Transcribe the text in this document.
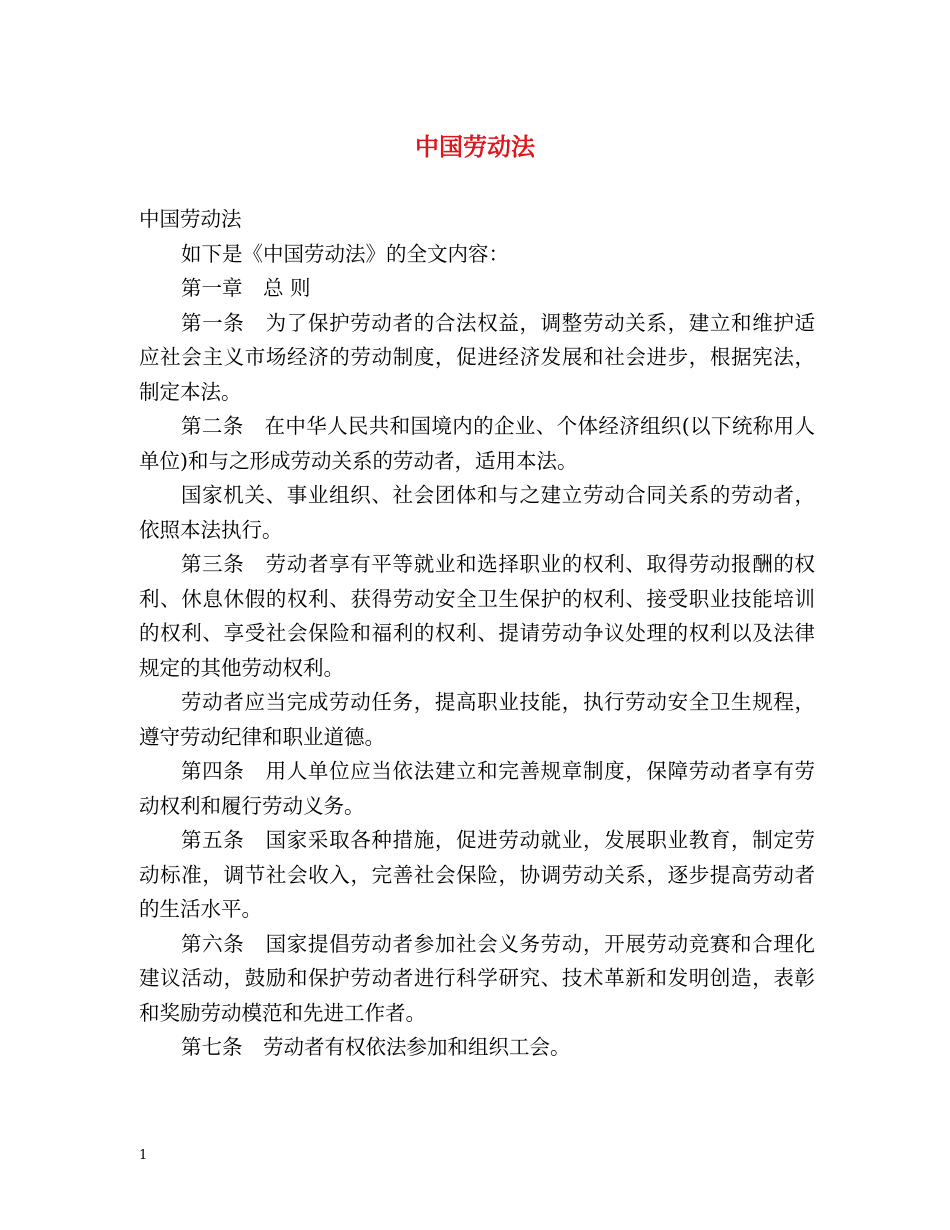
中国劳动法

中国劳动法

如下是《中国劳动法》的全文内容：

第一章　总 则

第一条　为了保护劳动者的合法权益，调整劳动关系，建立和维护适应社会主义市场经济的劳动制度，促进经济发展和社会进步，根据宪法，制定本法。

第二条　在中华人民共和国境内的企业、个体经济组织(以下统称用人单位)和与之形成劳动关系的劳动者，适用本法。

国家机关、事业组织、社会团体和与之建立劳动合同关系的劳动者，依照本法执行。

第三条　劳动者享有平等就业和选择职业的权利、取得劳动报酬的权利、休息休假的权利、获得劳动安全卫生保护的权利、接受职业技能培训的权利、享受社会保险和福利的权利、提请劳动争议处理的权利以及法律规定的其他劳动权利。

劳动者应当完成劳动任务，提高职业技能，执行劳动安全卫生规程，遵守劳动纪律和职业道德。

第四条　用人单位应当依法建立和完善规章制度，保障劳动者享有劳动权利和履行劳动义务。

第五条　国家采取各种措施，促进劳动就业，发展职业教育，制定劳动标准，调节社会收入，完善社会保险，协调劳动关系，逐步提高劳动者的生活水平。

第六条　国家提倡劳动者参加社会义务劳动，开展劳动竞赛和合理化建议活动，鼓励和保护劳动者进行科学研究、技术革新和发明创造，表彰和奖励劳动模范和先进工作者。

第七条　劳动者有权依法参加和组织工会。

1
